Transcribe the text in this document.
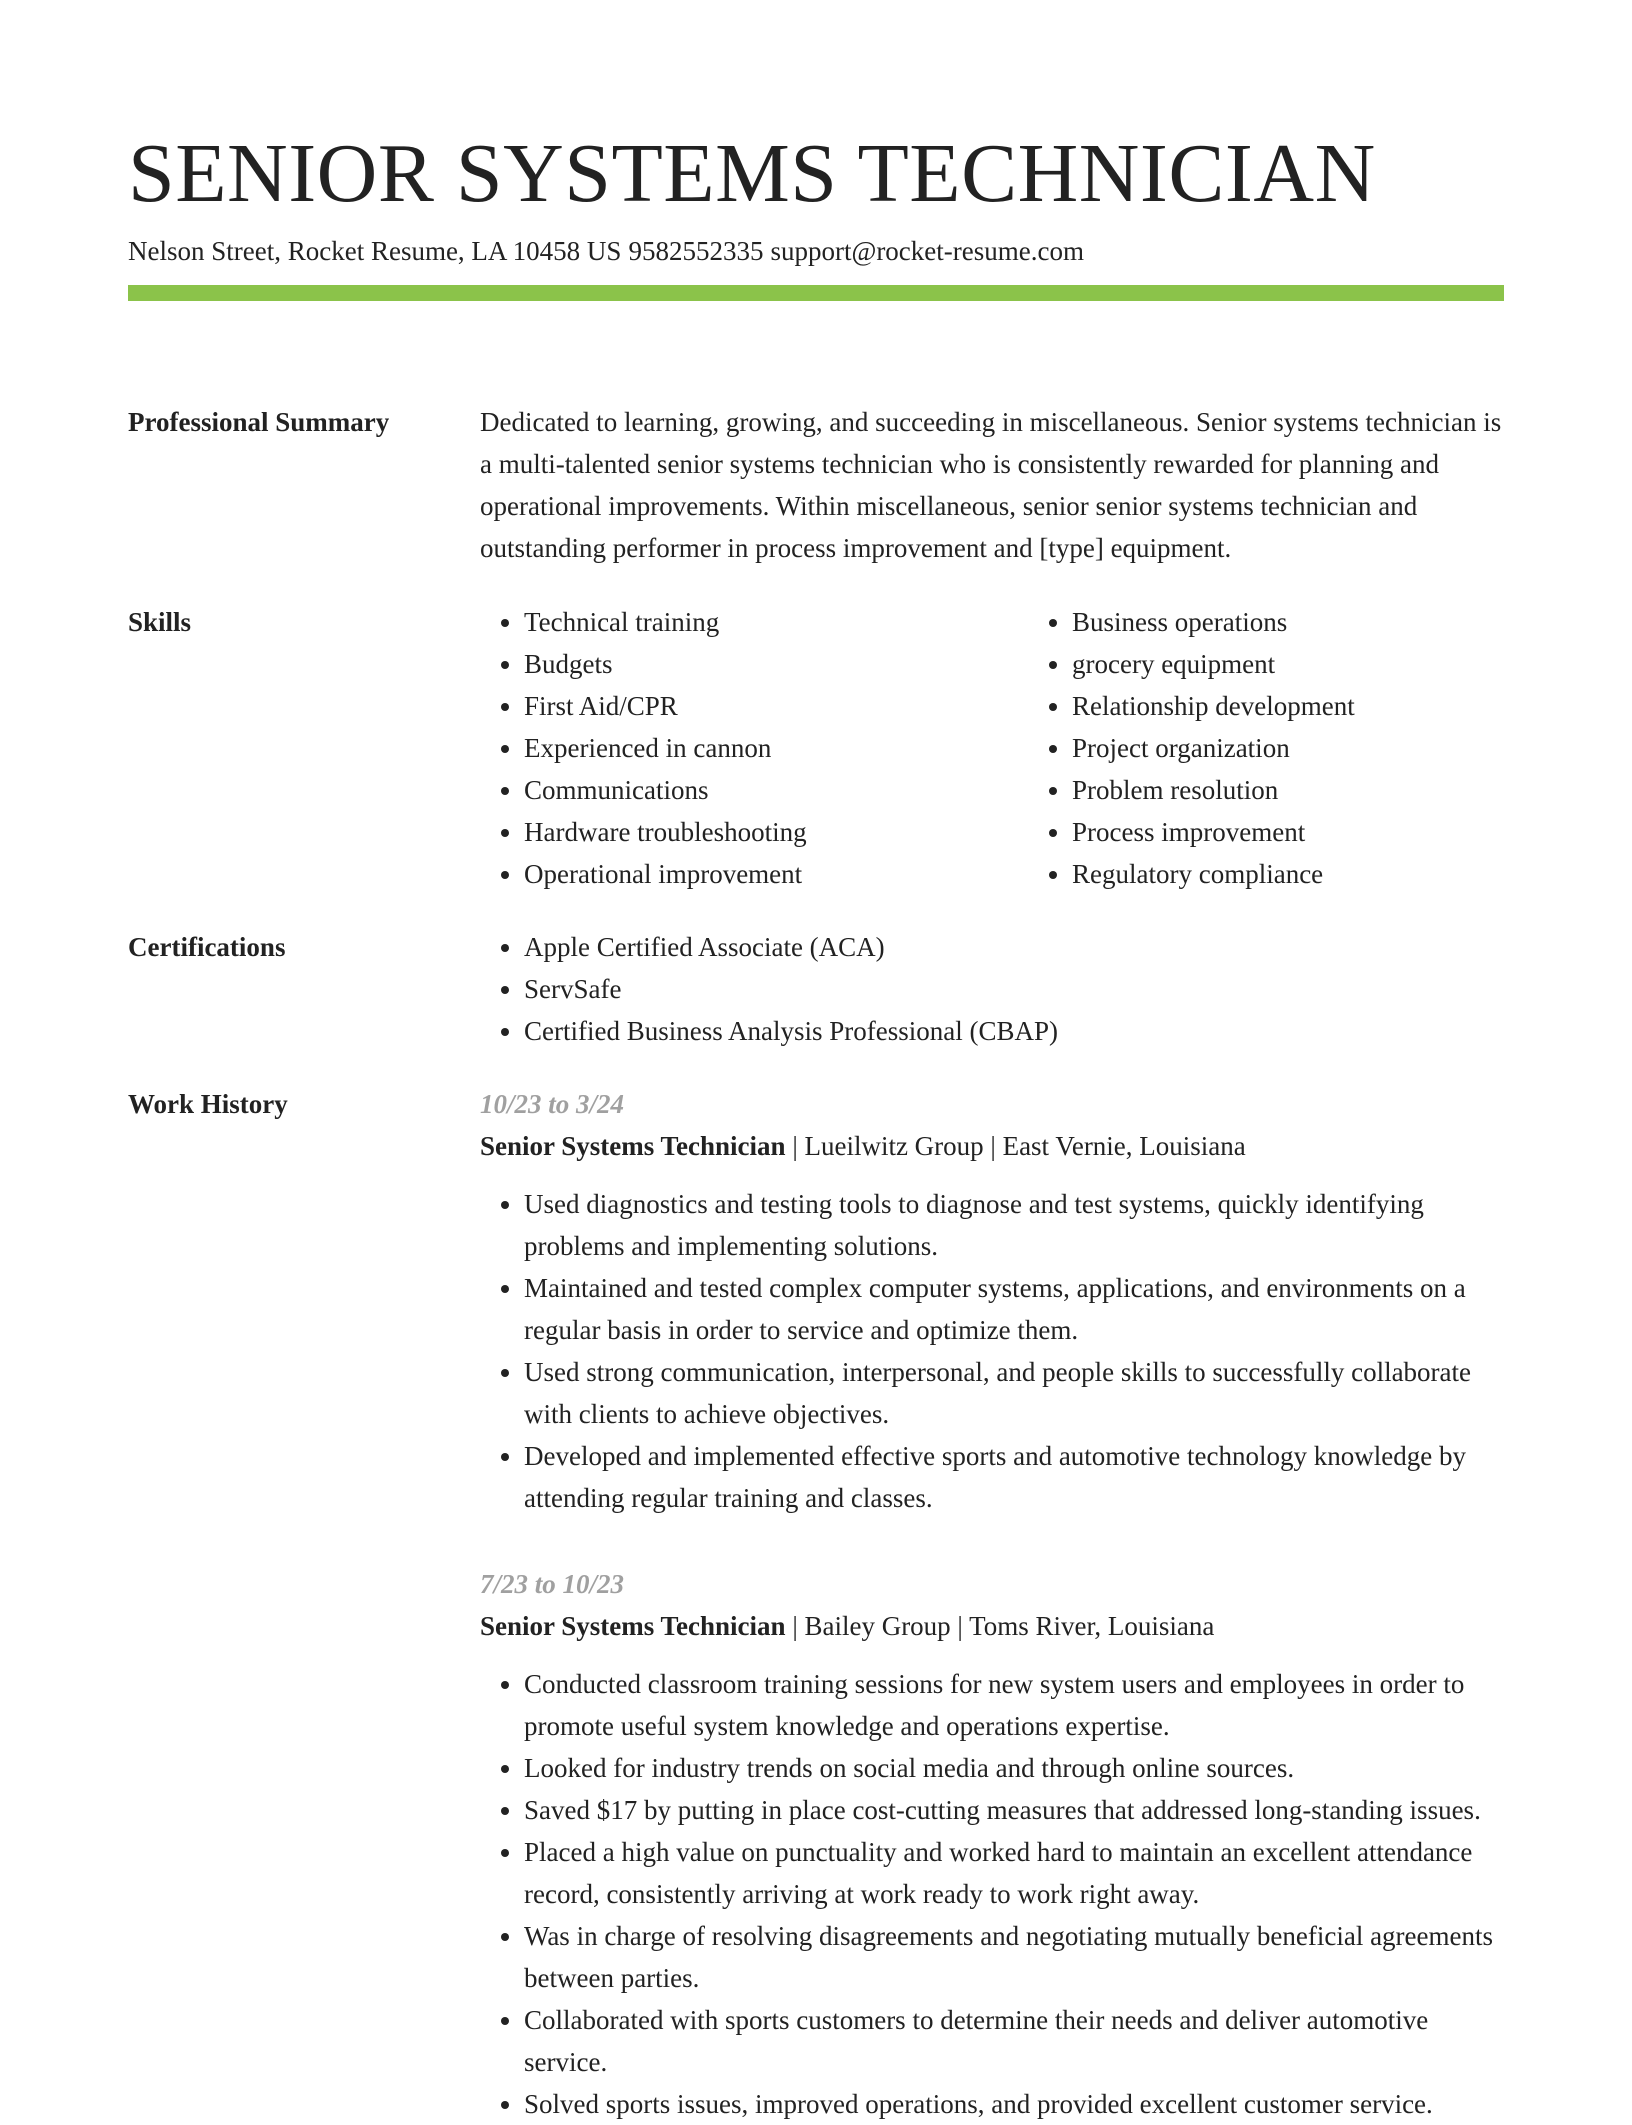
SENIOR SYSTEMS TECHNICIAN
Nelson Street, Rocket Resume, LA 10458 US 9582552335 support@rocket-resume.com
Professional Summary	Dedicated to learning, growing, and succeeding in miscellaneous. Senior systems technician is a multi-talented senior systems technician who is consistently rewarded for planning and operational improvements. Within miscellaneous, senior senior systems technician and outstanding performer in process improvement and [type] equipment.

Skills	• Technical training
• Budgets
• First Aid/CPR
• Experienced in cannon
• Communications
• Hardware troubleshooting
• Operational improvement
• Business operations
• grocery equipment
• Relationship development
• Project organization
• Problem resolution
• Process improvement
• Regulatory compliance
Certifications	• Apple Certified Associate (ACA)
• ServSafe
• Certified Business Analysis Professional (CBAP)
Work History	10/23 to 3/24

Senior Systems Technician | Lueilwitz Group | East Vernie, Louisiana

• Used diagnostics and testing tools to diagnose and test systems, quickly identifying problems and implementing solutions.
• Maintained and tested complex computer systems, applications, and environments on a regular basis in order to service and optimize them.
• Used strong communication, interpersonal, and people skills to successfully collaborate with clients to achieve objectives.
• Developed and implemented effective sports and automotive technology knowledge by attending regular training and classes.

7/23 to 10/23

Senior Systems Technician | Bailey Group | Toms River, Louisiana

• Conducted classroom training sessions for new system users and employees in order to promote useful system knowledge and operations expertise.
• Looked for industry trends on social media and through online sources.
• Saved $17 by putting in place cost-cutting measures that addressed long-standing issues.
• Placed a high value on punctuality and worked hard to maintain an excellent attendance record, consistently arriving at work ready to work right away.
• Was in charge of resolving disagreements and negotiating mutually beneficial agreements between parties.
• Collaborated with sports customers to determine their needs and deliver automotive service.
• Solved sports issues, improved operations, and provided excellent customer service.
